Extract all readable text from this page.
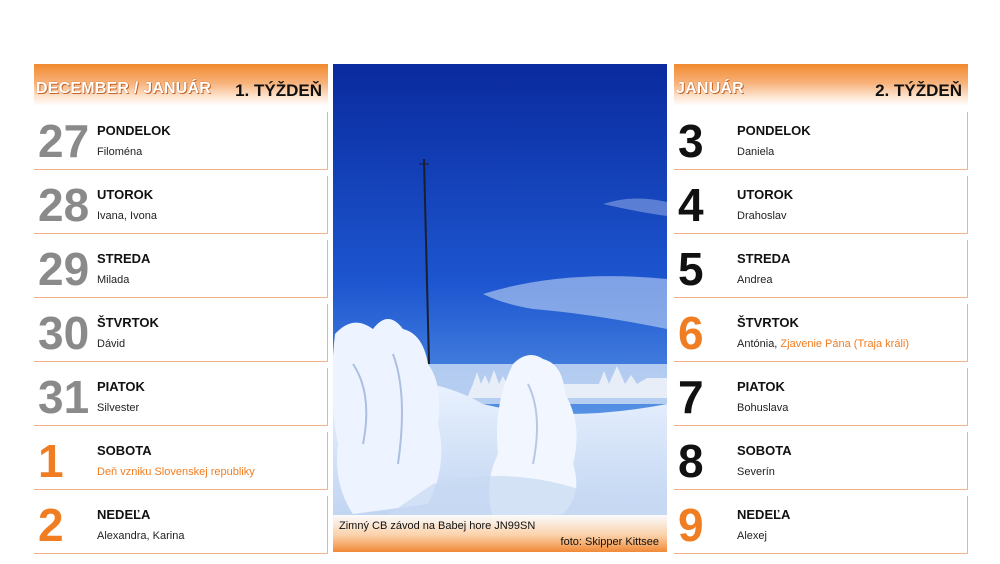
DECEMBER / JANUÁR 1. TÝŽDEŇ
27 PONDELOK
Filoména
28 UTOROK
Ivana, Ivona
29 STREDA
Milada
30 ŠTVRTOK
Dávid
31 PIATOK
Silvester
1	SOBOTA
Deň vzniku Slovenskej republiky
2	NEDEĽA
Alexandra, Karina
Zimný CB závod na Babej hore JN99SN
foto: Skipper Kittsee
JANUÁR	2. TÝŽDEŇ
3	PONDELOK
Daniela
4	UTOROK
Drahoslav
5	STREDA
Andrea
6	ŠTVRTOK
Antónia, Zjavenie Pána (Traja králi)
7	PIATOK
Bohuslava
8	SOBOTA
Severín
9	NEDEĽA
Alexej
